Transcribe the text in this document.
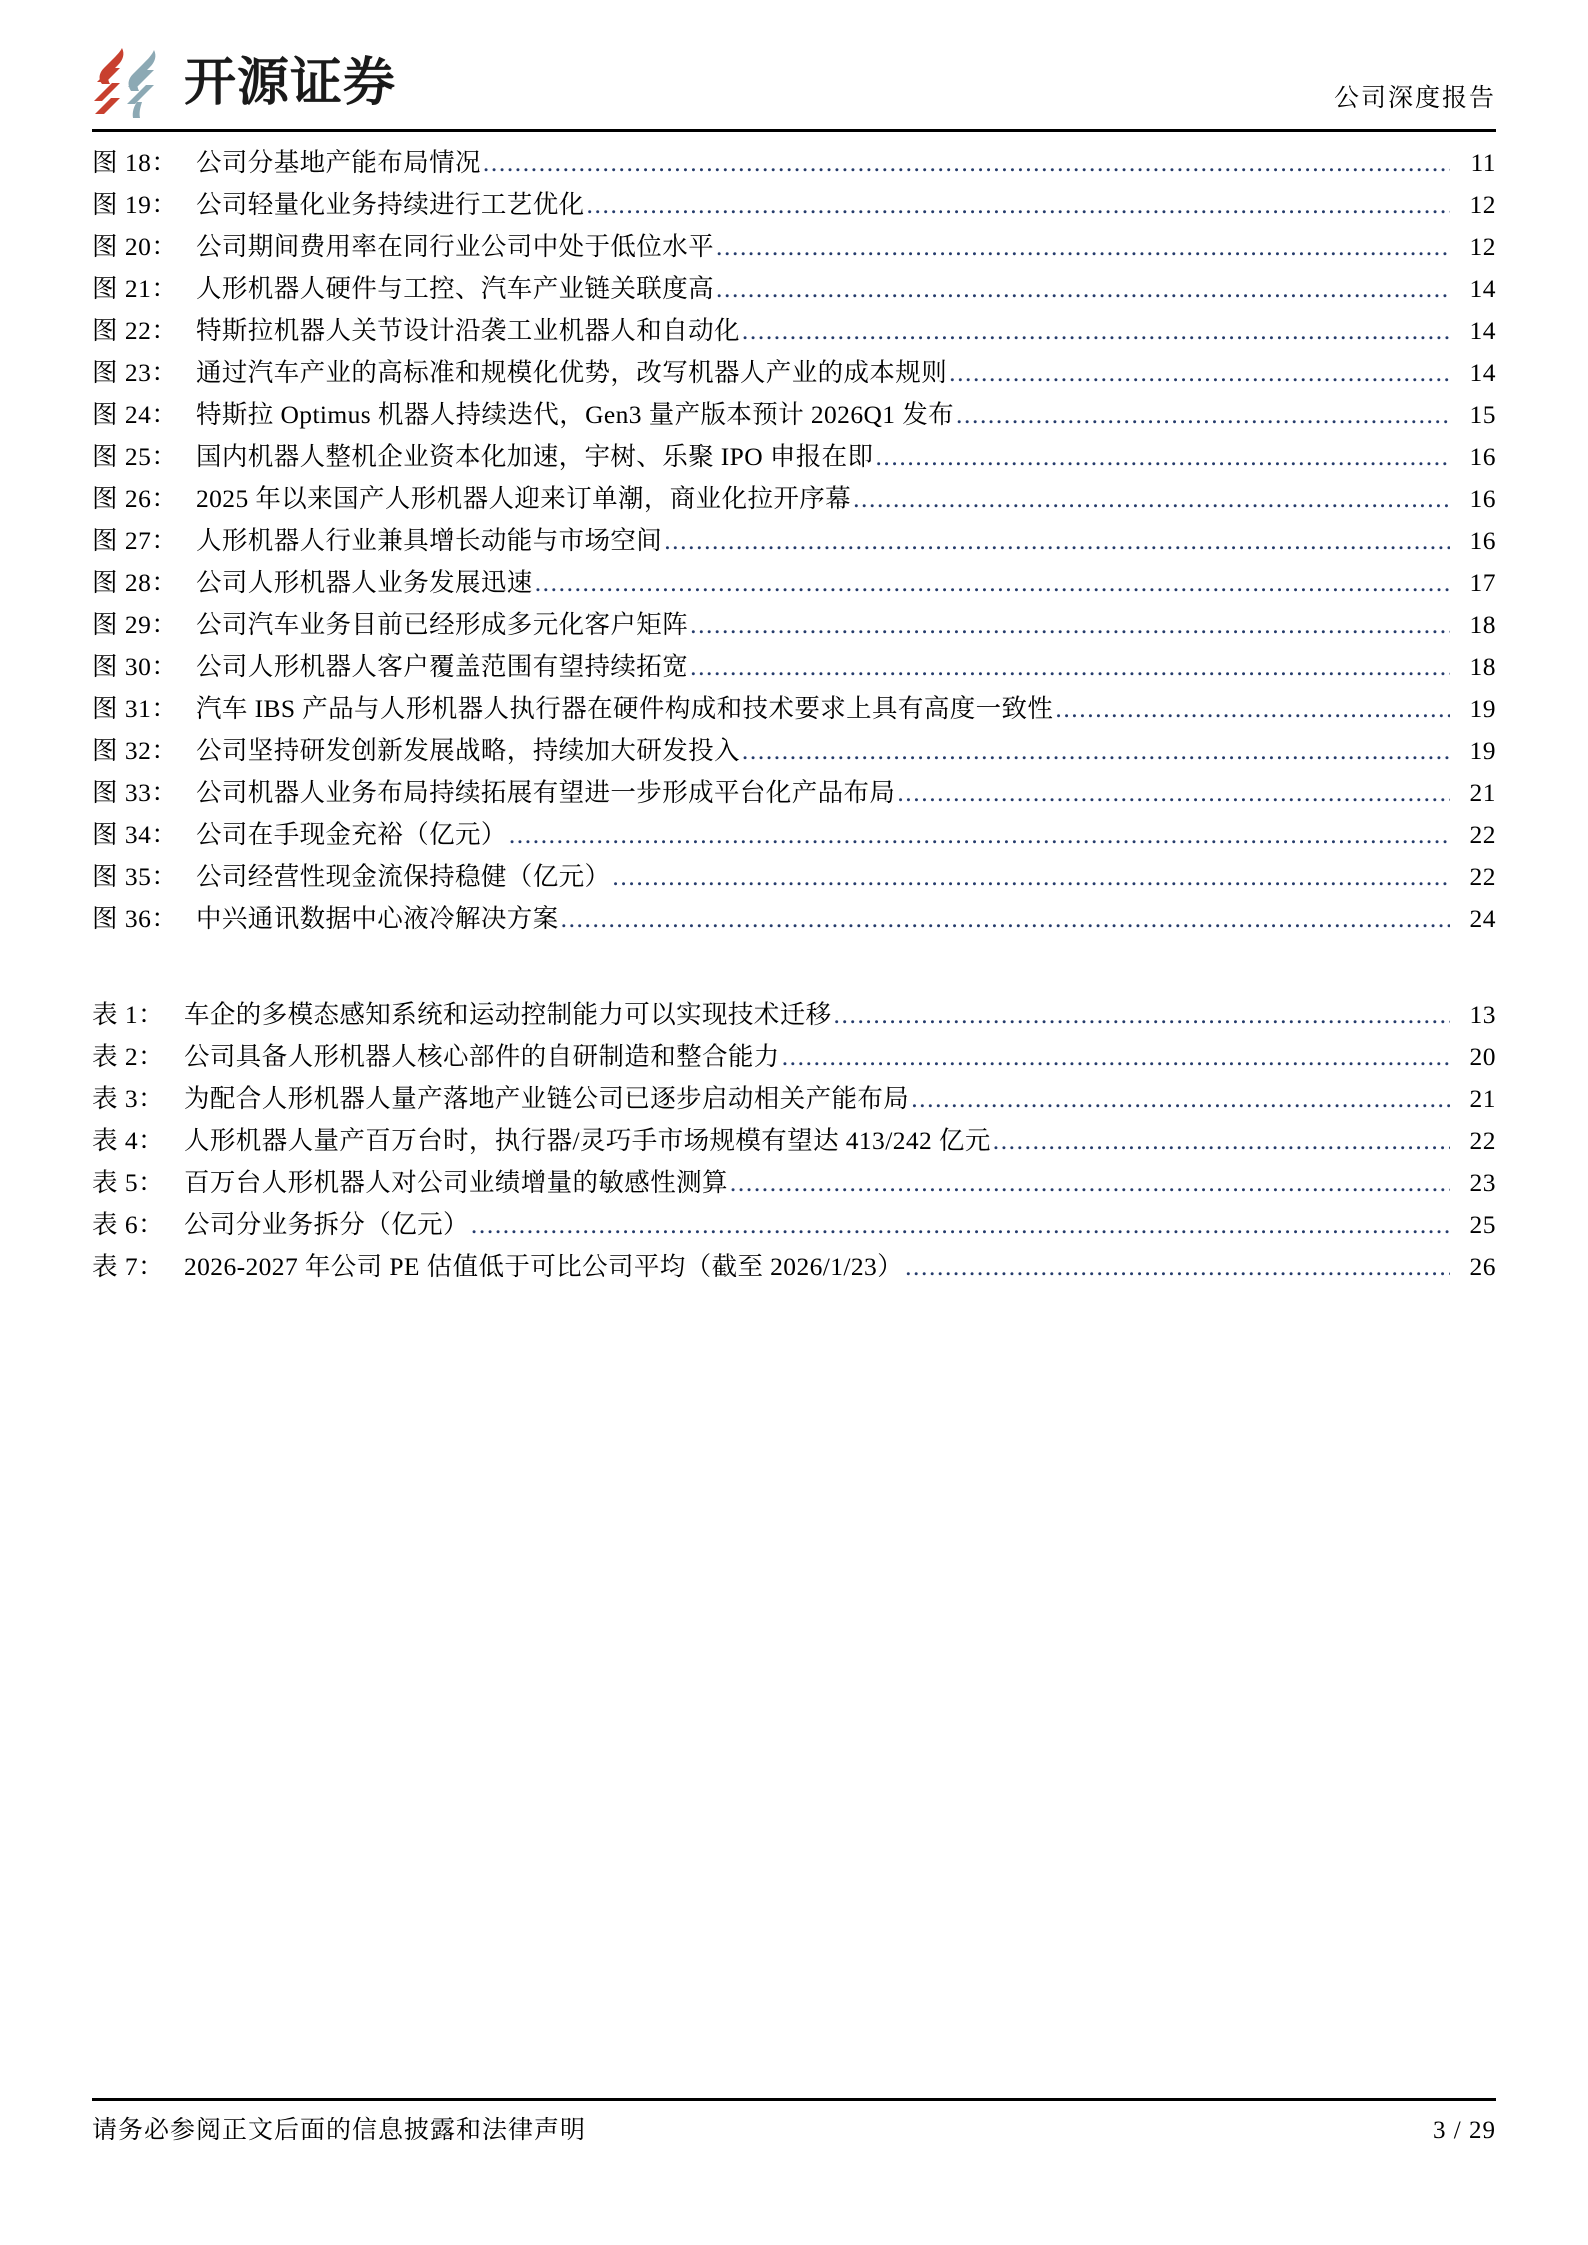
开源证券	公司深度报告
图 18： 公司分基地产能布局情况 .....	11
图 19： 公司轻量化业务持续进行工艺优化 .....	12
图 20： 公司期间费用率在同行业公司中处于低位水平 .....	12
图 21： 人形机器人硬件与工控、汽车产业链关联度高 .....	14
图 22： 特斯拉机器人关节设计沿袭工业机器人和自动化 .....	14
图 23： 通过汽车产业的高标准和规模化优势，改写机器人产业的成本规则 .....	14
图 24： 特斯拉 Optimus 机器人持续迭代，Gen3 量产版本预计 2026Q1 发布 .....	15
图 25： 国内机器人整机企业资本化加速，宇树、乐聚 IPO 申报在即 .....	16
图 26： 2025 年以来国产人形机器人迎来订单潮，商业化拉开序幕 .....	16
图 27： 人形机器人行业兼具增长动能与市场空间 .....	16
图 28： 公司人形机器人业务发展迅速 .....	17
图 29： 公司汽车业务目前已经形成多元化客户矩阵 .....	18
图 30： 公司人形机器人客户覆盖范围有望持续拓宽 .....	18
图 31： 汽车 IBS 产品与人形机器人执行器在硬件构成和技术要求上具有高度一致性 .....	19
图 32： 公司坚持研发创新发展战略，持续加大研发投入 .....	19
图 33： 公司机器人业务布局持续拓展有望进一步形成平台化产品布局 .....	21
图 34： 公司在手现金充裕（亿元） .....	22
图 35： 公司经营性现金流保持稳健（亿元） .....	22
图 36： 中兴通讯数据中心液冷解决方案 .....	24
表 1： 车企的多模态感知系统和运动控制能力可以实现技术迁移 .....	13
表 2： 公司具备人形机器人核心部件的自研制造和整合能力 .....	20
表 3： 为配合人形机器人量产落地产业链公司已逐步启动相关产能布局 .....	21
表 4： 人形机器人量产百万台时，执行器/灵巧手市场规模有望达 413/242 亿元 .....	22
表 5： 百万台人形机器人对公司业绩增量的敏感性测算 .....	23
表 6： 公司分业务拆分（亿元） .....	25
表 7： 2026-2027 年公司 PE 估值低于可比公司平均（截至 2026/1/23） .....	26
请务必参阅正文后面的信息披露和法律声明	3 / 29
